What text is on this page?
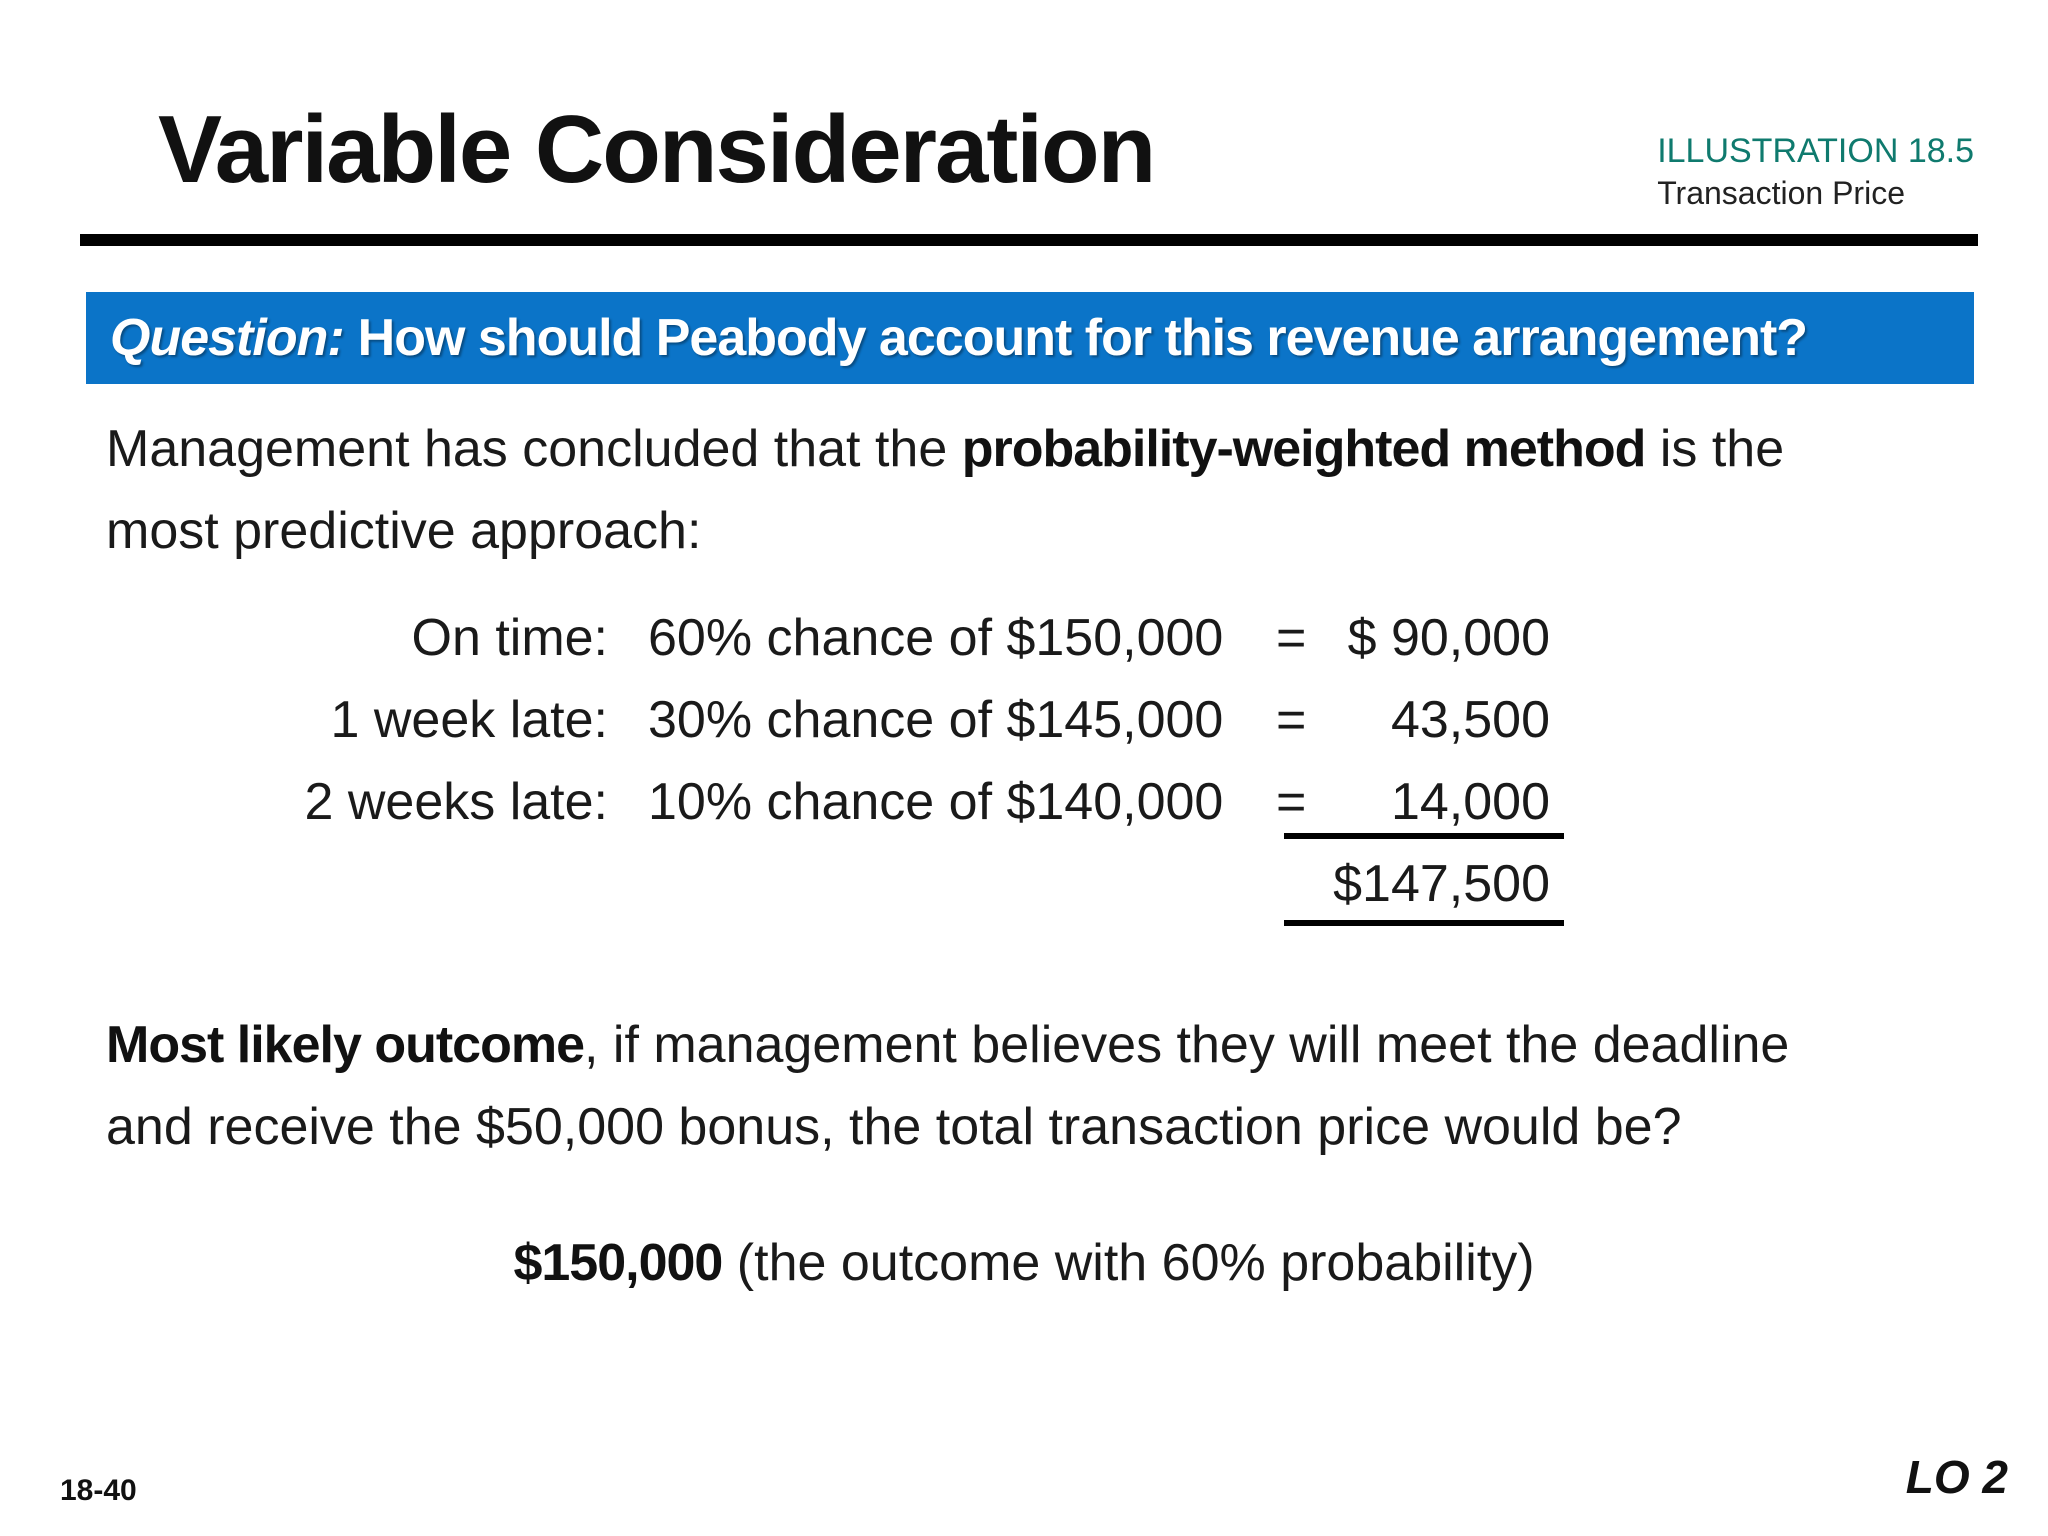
Variable Consideration	ILLUSTRATION 18.5
Transaction Price
Question: How should Peabody account for this revenue arrangement?
Management has concluded that the probability-weighted method is the
most predictive approach:
On time: 60% chance of $150,000 = $ 90,000
1 week late: 30% chance of $145,000 = 43,500
2 weeks late: 10% chance of $140,000 = 14,000
$147,500
Most likely outcome, if management believes they will meet the deadline
and receive the $50,000 bonus, the total transaction price would be?
$150,000 (the outcome with 60% probability)
18-40	LO 2
